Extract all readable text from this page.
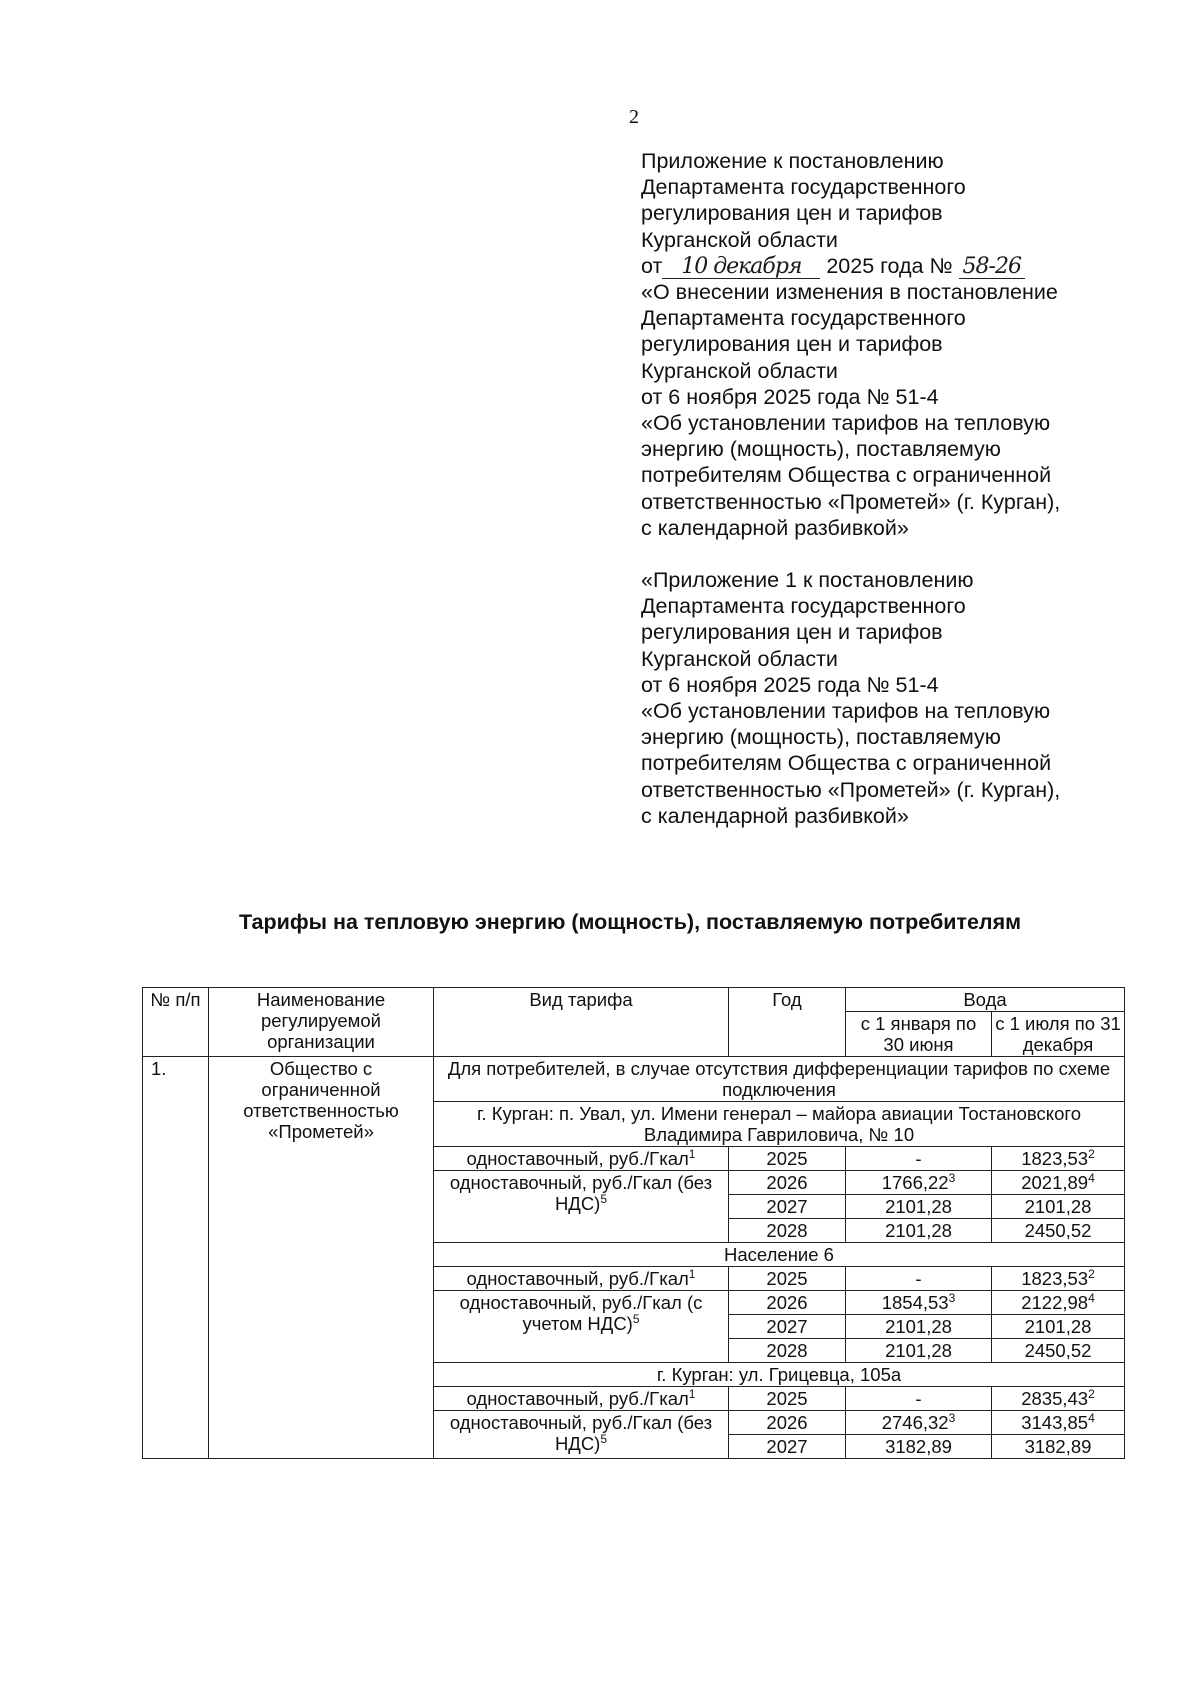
2
Приложение к постановлению
Департамента государственного
регулирования цен и тарифов
Курганской области
от 10 декабря 2025 года № 58-26
«О внесении изменения в постановление
Департамента государственного
регулирования цен и тарифов
Курганской области
от 6 ноября 2025 года № 51-4
«Об установлении тарифов на тепловую
энергию (мощность), поставляемую
потребителям Общества с ограниченной
ответственностью «Прометей» (г. Курган),
с календарной разбивкой»
«Приложение 1 к постановлению
Департамента государственного
регулирования цен и тарифов
Курганской области
от 6 ноября 2025 года № 51-4
«Об установлении тарифов на тепловую
энергию (мощность), поставляемую
потребителям Общества с ограниченной
ответственностью «Прометей» (г. Курган),
с календарной разбивкой»
Тарифы на тепловую энергию (мощность), поставляемую потребителям
№ п/п	Наименование регулируемой организации	Вид тарифа	Год	Вода	
				с 1 января по 30 июня	с 1 июля по 31 декабря
1.	Общество с ограниченной ответственностью «Прометей»	Для потребителей, в случае отсутствия дифференциации тарифов по схеме подключения			
		г. Курган: п. Увал, ул. Имени генерал – майора авиации Тостановского Владимира Гавриловича, № 10			
		одноставочный, руб./Гкал$^1$	2025	-	1823,53$^2$
		одноставочный, руб./Гкал (без НДС)$^5$	2026	1766,22$^3$	2021,89$^4$
			2027	2101,28	2101,28
			2028	2101,28	2450,52
		Население 6			
		одноставочный, руб./Гкал$^1$	2025	-	1823,53$^2$
		одноставочный, руб./Гкал (с учетом НДС)$^5$	2026	1854,53$^3$	2122,98$^4$
			2027	2101,28	2101,28
			2028	2101,28	2450,52
		г. Курган: ул. Грицевца, 105а			
		одноставочный, руб./Гкал$^1$	2025	-	2835,43$^2$
		одноставочный, руб./Гкал (без НДС)$^5$	2026	2746,32$^3$	3143,85$^4$
			2027	3182,89	3182,89
